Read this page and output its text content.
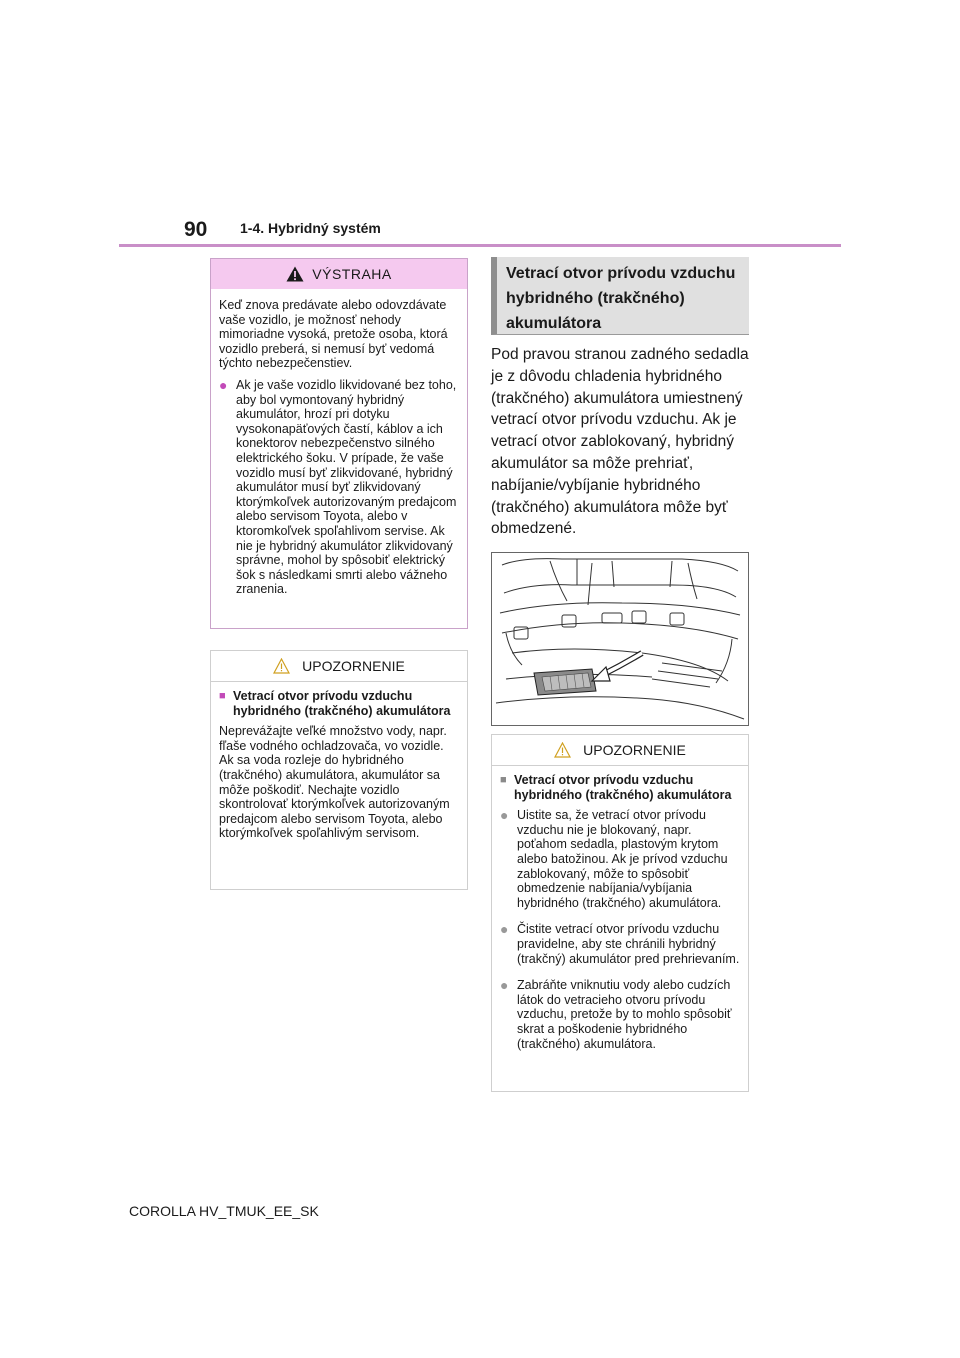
90 1-4. Hybridný systém
VÝSTRAHA

Keď znova predávate alebo odovzdávate vaše vozidlo, je možnosť nehody mimoriadne vysoká, pretože osoba, ktorá vozidlo preberá, si nemusí byť vedomá týchto nebezpečenstiev.

● Ak je vaše vozidlo likvidované bez toho, aby bol vymontovaný hybridný akumulátor, hrozí pri dotyku vysokonapäťových častí, káblov a ich konektorov nebezpečenstvo silného elektrického šoku. V prípade, že vaše vozidlo musí byť zlikvidované, hybridný akumulátor musí byť zlikvidovaný ktorýmkoľvek autorizovaným predajcom alebo servisom Toyota, alebo v ktoromkoľvek spoľahlivom servise. Ak nie je hybridný akumulátor zlikvidovaný správne, mohol by spôsobiť elektrický šok s následkami smrti alebo vážneho zranenia.
UPOZORNENIE
■ Vetrací otvor prívodu vzduchu hybridného (trakčného) akumulátora

Neprevážajte veľké množstvo vody, napr. fľaše vodného ochladzovača, vo vozidle. Ak sa voda rozleje do hybridného (trakčného) akumulátora, akumulátor sa môže poškodiť. Nechajte vozidlo skontrolovať ktorýmkoľvek autorizovaným predajcom alebo servisom Toyota, alebo ktorýmkoľvek spoľahlivým servisom.

Vetrací otvor prívodu vzduchu hybridného (trakčného) akumulátora
Pod pravou stranou zadného sedadla je z dôvodu chladenia hybridného (trakčného) akumulátora umiestnený vetrací otvor prívodu vzduchu. Ak je vetrací otvor zablokovaný, hybridný akumulátor sa môže prehriať, nabíjanie/vybíjanie hybridného (trakčného) akumulátora môže byť obmedzené.
UPOZORNENIE
■ Vetrací otvor prívodu vzduchu hybridného (trakčného) akumulátora
● Uistite sa, že vetrací otvor prívodu vzduchu nie je blokovaný, napr. poťahom sedadla, plastovým krytom alebo batožinou. Ak je prívod vzduchu zablokovaný, môže to spôsobiť obmedzenie nabíjania/vybíjania hybridného (trakčného) akumulátora.
● Čistite vetrací otvor prívodu vzduchu pravidelne, aby ste chránili hybridný (trakčný) akumulátor pred prehrievaním.
● Zabráňte vniknutiu vody alebo cudzích látok do vetracieho otvoru prívodu vzduchu, pretože by to mohlo spôsobiť skrat a poškodenie hybridného (trakčného) akumulátora.
COROLLA HV_TMUK_EE_SK
